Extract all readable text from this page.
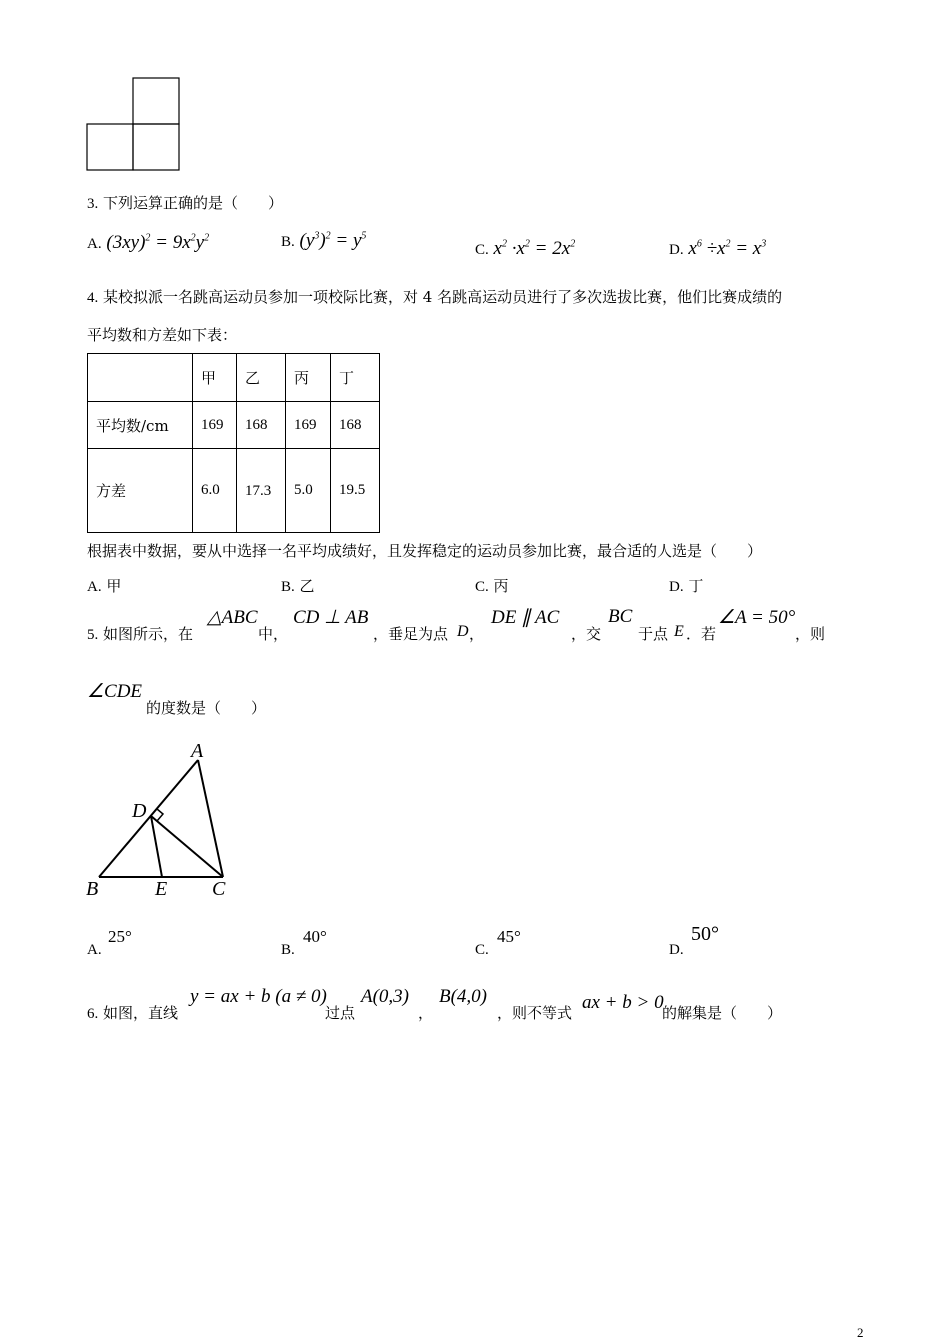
3. 下列运算正确的是（　　）
A. $(3xy)^2 = 9x^2y^2$	B. $(y^3)^2 = y^5$
C. $x^2 \cdot x^2 = 2x^2$	D. $x^6 \div x^2 = x^3$
4. 某校拟派一名跳高运动员参加一项校际比赛，对 4 名跳高运动员进行了多次选拔比赛，他们比赛成绩的
平均数和方差如下表：
	甲	乙	丙	丁
平均数/cm	169	168	169	168
方差	6.0	17.3	5.0	19.5
根据表中数据，要从中选择一名平均成绩好，且发挥稳定的运动员参加比赛，最合适的人选是（　　）
A. 甲	B. 乙	C. 丙	D. 丁
5. 如图所示，在
△ABC
中，
CD ⊥ AB
，垂足为点 D ，
DE ∥ AC
，交
BC
于点 E ．若
∠A = 50°
，则
∠CDE
的度数是（　　）
A
D
B	E C
A.
25°
B.
40°
C.
45°
D.
50°
6. 如图，直线
y = ax + b (a ≠ 0)
过点
A(0,3)
，
B(4,0)
，则不等式 ax + b > 0
的解集是（　　）
2
